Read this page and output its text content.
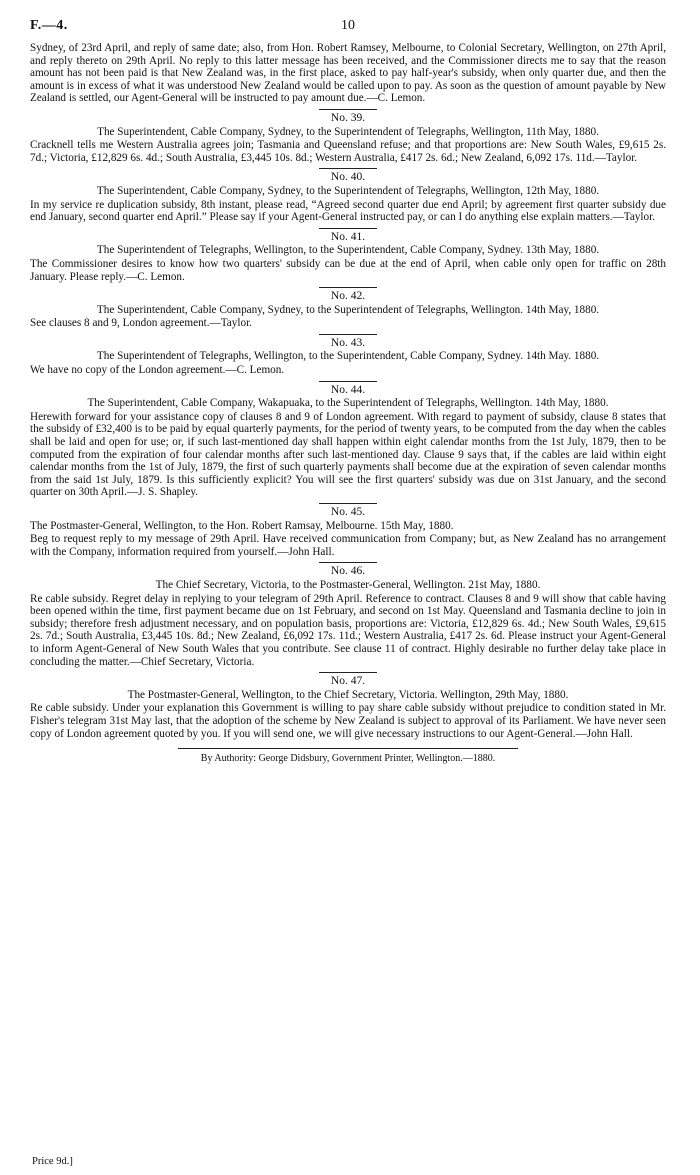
F.—4.	10

Sydney, of 23rd April, and reply of same date; also, from Hon. Robert Ramsey, Melbourne, to Colonial Secretary, Wellington, on 27th April, and reply thereto on 29th April. No reply to this latter message has been received, and the Commissioner directs me to say that the reason amount has not been paid is that New Zealand was, in the first place, asked to pay half-year's subsidy, when only quarter due, and then the amount is in excess of what it was understood New Zealand would be called upon to pay. As soon as the question of amount payable by New Zealand is settled, our Agent-General will be instructed to pay amount due.—C. Lemon.

No. 39.
The Superintendent, Cable Company, Sydney, to the Superintendent of Telegraphs, Wellington, 11th May, 1880.

Cracknell tells me Western Australia agrees join; Tasmania and Queensland refuse; and that proportions are: New South Wales, £9,615 2s. 7d.; Victoria, £12,829 6s. 4d.; South Australia, £3,445 10s. 8d.; Western Australia, £417 2s. 6d.; New Zealand, 6,092 17s. 11d.—Taylor.

No. 40.
The Superintendent, Cable Company, Sydney, to the Superintendent of Telegraphs, Wellington, 12th May, 1880.

In my service re duplication subsidy, 8th instant, please read, “Agreed second quarter due end April; by agreement first quarter subsidy due end January, second quarter end April.” Please say if your Agent-General instructed pay, or can I do anything else explain matters.—Taylor.

No. 41.
The Superintendent of Telegraphs, Wellington, to the Superintendent, Cable Company, Sydney. 13th May, 1880.

The Commissioner desires to know how two quarters' subsidy can be due at the end of April, when cable only open for traffic on 28th January. Please reply.—C. Lemon.

No. 42.
The Superintendent, Cable Company, Sydney, to the Superintendent of Telegraphs, Wellington. 14th May, 1880.

See clauses 8 and 9, London agreement.—Taylor.

No. 43.
The Superintendent of Telegraphs, Wellington, to the Superintendent, Cable Company, Sydney. 14th May. 1880.

We have no copy of the London agreement.—C. Lemon.

No. 44.
The Superintendent, Cable Company, Wakapuaka, to the Superintendent of Telegraphs, Wellington. 14th May, 1880.

Herewith forward for your assistance copy of clauses 8 and 9 of London agreement. With regard to payment of subsidy, clause 8 states that the subsidy of £32,400 is to be paid by equal quarterly payments, for the period of twenty years, to be computed from the day when the cables shall be laid and open for use; or, if such last-mentioned day shall happen within eight calendar months from the 1st July, 1879, then to be computed from the expiration of four calendar months after such last-mentioned day. Clause 9 says that, if the cables are laid within eight calendar months from the 1st of July, 1879, the first of such quarterly payments shall become due at the expiration of seven calendar months from the said 1st July, 1879. Is this sufficiently explicit? You will see the first quarters' subsidy was due on 31st January, and the second quarter on 30th April.—J. S. Shapley.

No. 45.
The Postmaster-General, Wellington, to the Hon. Robert Ramsay, Melbourne. 15th May, 1880.

Beg to request reply to my message of 29th April. Have received communication from Company; but, as New Zealand has no arrangement with the Company, information required from yourself.—John Hall.

No. 46.
The Chief Secretary, Victoria, to the Postmaster-General, Wellington. 21st May, 1880.

Re cable subsidy. Regret delay in replying to your telegram of 29th April. Reference to contract. Clauses 8 and 9 will show that cable having been opened within the time, first payment became due on 1st February, and second on 1st May. Queensland and Tasmania decline to join in subsidy; therefore fresh adjustment necessary, and on population basis, proportions are: Victoria, £12,829 6s. 4d.; New South Wales, £9,615 2s. 7d.; South Australia, £3,445 10s. 8d.; New Zealand, £6,092 17s. 11d.; Western Australia, £417 2s. 6d. Please instruct your Agent-General to inform Agent-General of New South Wales that you contribute. See clause 11 of contract. Highly desirable no further delay take place in concluding the matter.—Chief Secretary, Victoria.

No. 47.
The Postmaster-General, Wellington, to the Chief Secretary, Victoria. Wellington, 29th May, 1880.

Re cable subsidy. Under your explanation this Government is willing to pay share cable subsidy without prejudice to condition stated in Mr. Fisher's telegram 31st May last, that the adoption of the scheme by New Zealand is subject to approval of its Parliament. We have never seen copy of London agreement quoted by you. If you will send one, we will give necessary instructions to our Agent-General.—John Hall.

By Authority: George Didsbury, Government Printer, Wellington.—1880.
Price 9d.]
